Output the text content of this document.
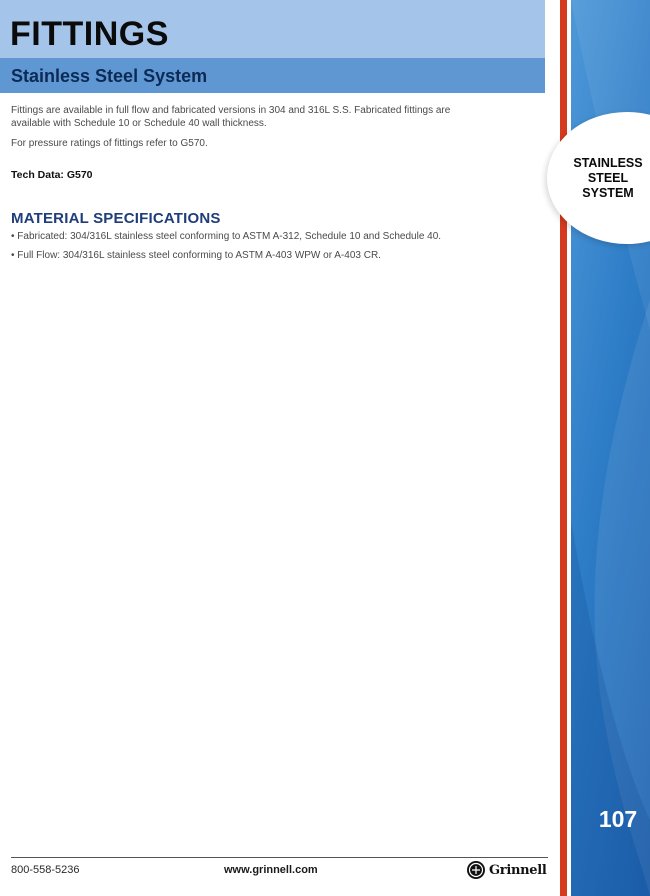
FITTINGS
Stainless Steel System

Fittings are available in full flow and fabricated versions in 304 and 316L S.S. Fabricated fittings are available with Schedule 10 or Schedule 40 wall thickness.

For pressure ratings of fittings refer to G570.

Tech Data: G570

MATERIAL SPECIFICATIONS
• Fabricated: 304/316L stainless steel conforming to ASTM A-312, Schedule 10 and Schedule 40.
• Full Flow: 304/316L stainless steel conforming to ASTM A-403 WPW or A-403 CR.
STAINLESS
STEEL
SYSTEM
107
800-558-5236	www.grinnell.com	Grinnell
